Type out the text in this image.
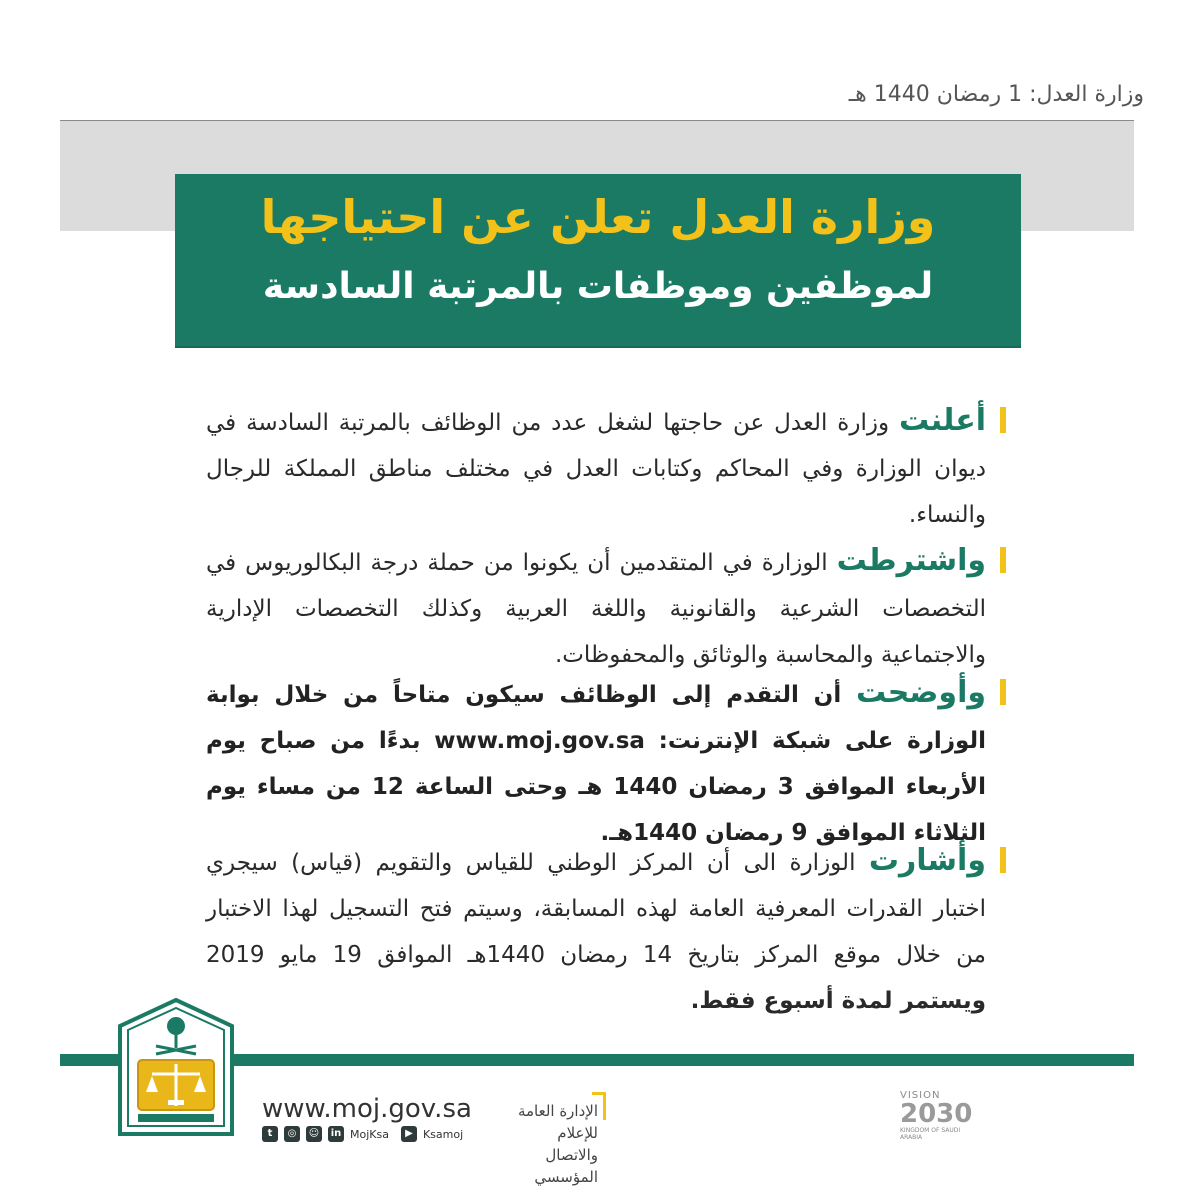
وزارة العدل: 1 رمضان 1440 هـ
وزارة العدل تعلن عن احتياجها
لموظفين وموظفات بالمرتبة السادسة
أعلنت وزارة العدل عن حاجتها لشغل عدد من الوظائف بالمرتبة السادسة في ديوان الوزارة وفي المحاكم وكتابات العدل في مختلف مناطق المملكة للرجال والنساء.
واشترطت الوزارة في المتقدمين أن يكونوا من حملة درجة البكالوريوس في التخصصات الشرعية والقانونية واللغة العربية وكذلك التخصصات الإدارية والاجتماعية والمحاسبة والوثائق والمحفوظات.
وأوضحت أن التقدم إلى الوظائف سيكون متاحاً من خلال بوابة الوزارة على شبكة الإنترنت: www.moj.gov.sa بدءًا من صباح يوم الأربعاء الموافق 3 رمضان 1440 هـ وحتى الساعة 12 من مساء يوم الثلاثاء الموافق 9 رمضان 1440هـ.
وأشارت الوزارة الى أن المركز الوطني للقياس والتقويم (قياس) سيجري اختبار القدرات المعرفية العامة لهذه المسابقة، وسيتم فتح التسجيل لهذا الاختبار من خلال موقع المركز بتاريخ 14 رمضان 1440هـ الموافق 19 مايو 2019 ويستمر لمدة أسبوع فقط.
www.moj.gov.sa
t	◎	☺ in MojKsa	▶ Ksamoj
الإدارة العامة للإعلام
والاتصال المؤسسي
VISION
2030
KINGDOM OF SAUDI ARABIA
